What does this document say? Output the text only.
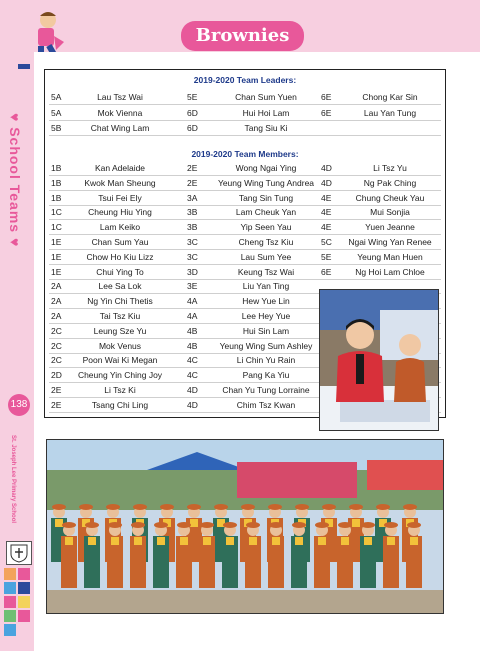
Brownies
♥ School Teams ♥
138
St. Joseph Lee Primary School
2019-2020 Team Leaders:
2019-2020 Team Members:
5A	Lau Tsz Wai	5E	Chan Sum Yuen	6E	Chong Kar Sin
5A	Mok Vienna	6D	Hui Hoi Lam	6E	Lau Yan Tung
5B	Chat Wing Lam	6D	Tang Siu Ki
1B	Kan Adelaide	2E	Wong Ngai Ying	4D	Li Tsz Yu
1B	Kwok Man Sheung	2E	Yeung Wing Tung Andrea 4D	Ng Pak Ching
1B	Tsui Fei Ely	3A	Tang Sin Tung	4E	Chung Cheuk Yau
1C	Cheung Hiu Ying	3B	Lam Cheuk Yan	4E	Mui Sonjia
1C	Lam Keiko	3B	Yip Seen Yau	4E	Yuen Jeanne
1E	Chan Sum Yau	3C	Cheng Tsz Kiu	5C	Ngai Wing Yan Renee
1E	Chow Ho Kiu Lizz	3C	Lau Sum Yee	5E	Yeung Man Huen
1E	Chui Ying To	3D	Keung Tsz Wai	6E	Ng Hoi Lam Chloe
2A	Lee Sa Lok	3E	Liu Yan Ting
2A	Ng Yin Chi Thetis	4A	Hew Yue Lin
2A	Tai Tsz Kiu	4A	Lee Hey Yue
2C	Leung Sze Yu	4B	Hui Sin Lam
2C	Mok Venus	4B	Yeung Wing Sum Ashley
2C	Poon Wai Ki Megan	4C	Li Chin Yu Rain
2D	Cheung Yin Ching Joy	4C	Pang Ka Yiu
2E	Li Tsz Ki	4D	Chan Yu Tung Lorraine
2E	Tsang Chi Ling	4D	Chim Tsz Kwan
